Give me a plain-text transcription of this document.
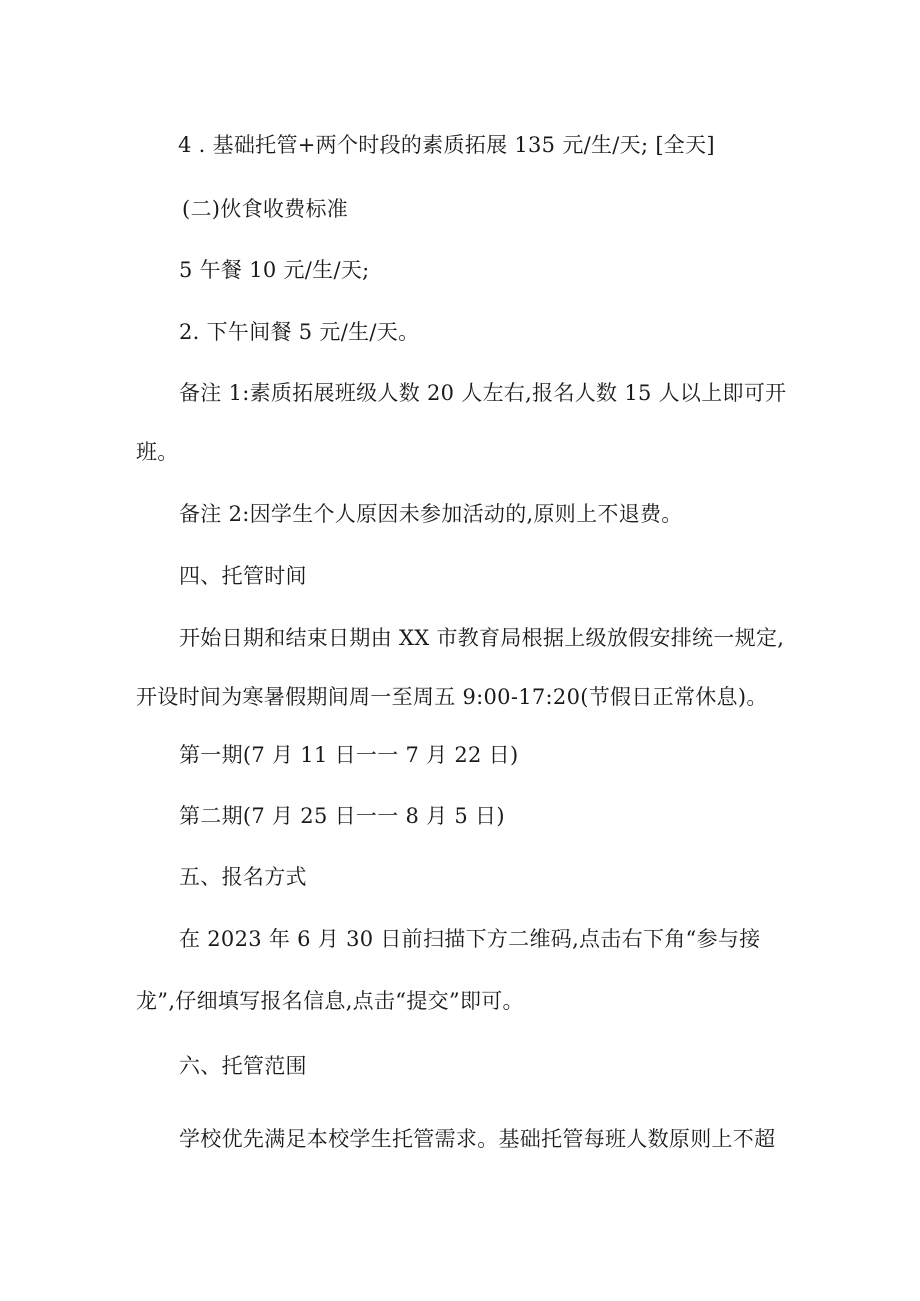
4 . 基础托管+两个时段的素质拓展 135 元/生/天; [全天]
(二)伙食收费标准
5 午餐 10 元/生/天;
2. 下午间餐 5 元/生/天。
备注 1:素质拓展班级人数 20 人左右,报名人数 15 人以上即可开
班。
备注 2:因学生个人原因未参加活动的,原则上不退费。
四、托管时间
开始日期和结束日期由 XX 市教育局根据上级放假安排统一规定,
开设时间为寒暑假期间周一至周五 9:00-17:20(节假日正常休息)。
第一期(7 月 11 日一一 7 月 22 日)
第二期(7 月 25 日一一 8 月 5 日)
五、报名方式
在 2023 年 6 月 30 日前扫描下方二维码,点击右下角“参与接
龙”,仔细填写报名信息,点击“提交”即可。
六、托管范围
学校优先满足本校学生托管需求。基础托管每班人数原则上不超
